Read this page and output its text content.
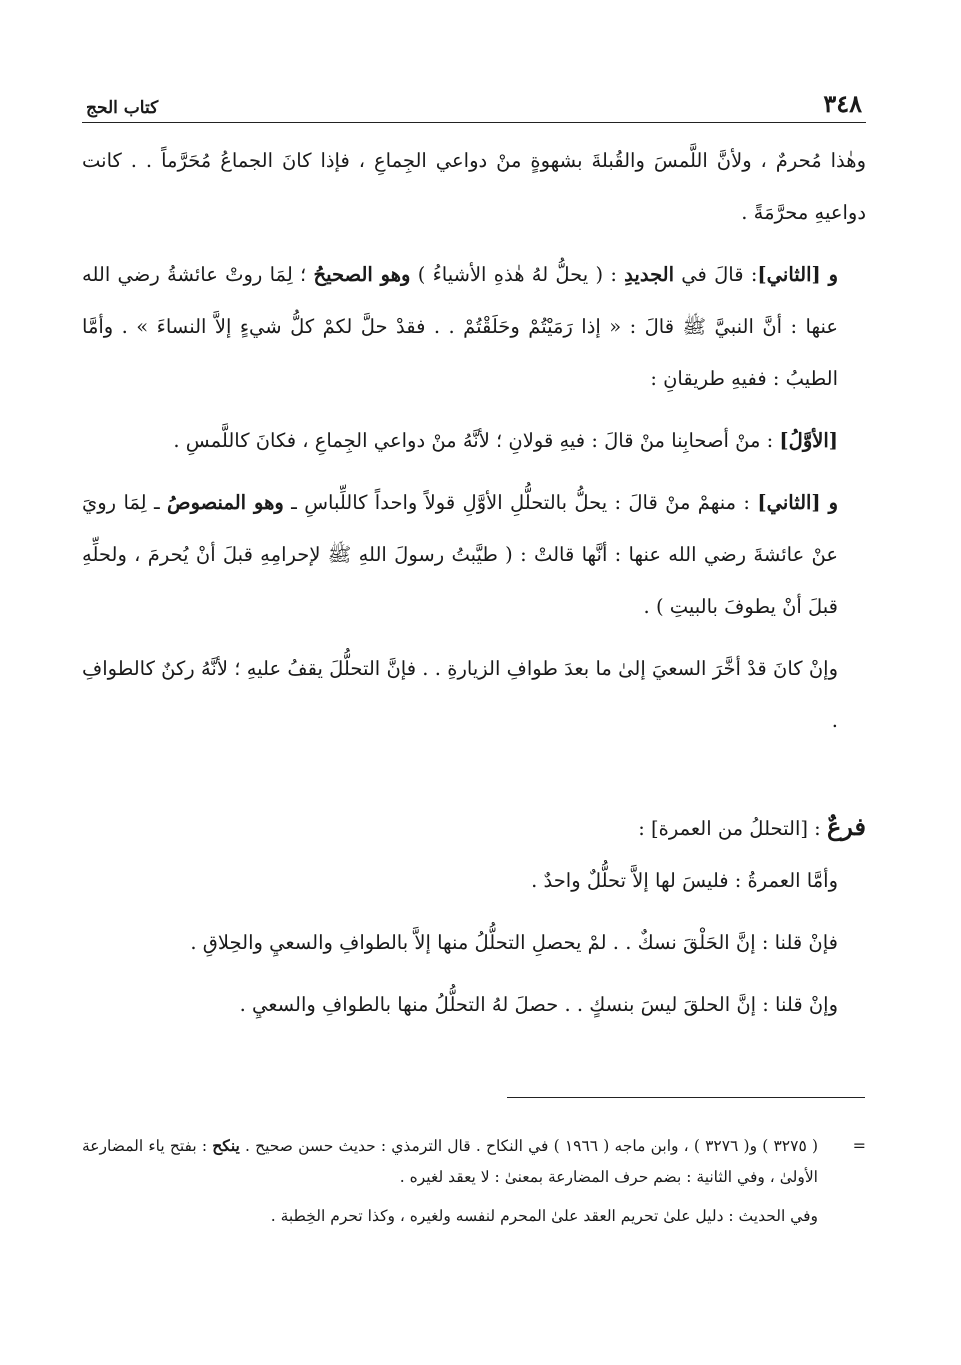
٣٤٨
كتاب الحج

وهٰذا مُحرمٌ ، ولأنَّ اللَّمسَ والقُبلةَ بشهوةٍ منْ دواعي الجِماعِ ، فإذا كانَ الجماعُ مُحَرَّماً . . كانت دواعيهِ محرَّمَةً .

و [الثاني]: قالَ في الجديدِ : ( يحلُّ لهُ هٰذهِ الأشياءُ ) وهو الصحيحُ ؛ لِمَا روتْ عائشةُ رضي الله عنها : أنَّ النبيَّ ﷺ قالَ : « إذا رَمَيْتُمْ وحَلَقْتُمْ . . فقدْ حلَّ لكمْ كلُّ شيءٍ إلاَّ النساءَ » . وأمَّا الطيبُ : ففيهِ طريقانِ :

[الأوَّلُ] : منْ أصحابِنا منْ قالَ : فيهِ قولانِ ؛ لأنَّهُ منْ دواعي الجِماعِ ، فكانَ كاللَّمسِ .

و [الثاني] : منهمْ منْ قالَ : يحلُّ بالتحلُّلِ الأوَّلِ قولاً واحداً كاللِّباسِ ـ وهو المنصوصُ ـ لِمَا رويَ عنْ عائشةَ رضي الله عنها : أنَّها قالتْ : ( طيَّبتُ رسولَ اللهِ ﷺ لإحرامِهِ قبلَ أنْ يُحرمَ ، ولحلِّهِ قبلَ أنْ يطوفَ بالبيتِ ) .

وإنْ كانَ قدْ أخَّرَ السعيَ إلىٰ ما بعدَ طوافِ الزيارةِ . . فإنَّ التحلُّلَ يقفُ عليهِ ؛ لأنَّهُ ركنٌ كالطوافِ .

فرعٌ : [التحللُ من العمرة] :

وأمَّا العمرةُ : فليسَ لها إلاَّ تحلُّلٌ واحدٌ .

فإنْ قلنا : إنَّ الحَلْقَ نسكٌ . . لمْ يحصلِ التحلُّلُ منها إلاَّ بالطوافِ والسعيِ والحِلاقِ .

وإنْ قلنا : إنَّ الحلقَ ليسَ بنسكٍ . . حصلَ لهُ التحلُّلُ منها بالطوافِ والسعيِ .

=
( ٣٢٧٥ ) و( ٣٢٧٦ ) ، وابن ماجه ( ١٩٦٦ ) في النكاح . قال الترمذي : حديث حسن صحيح . ينكح : بفتح ياء المضارعة الأولىٰ ، وفي الثانية : بضم حرف المضارعة بمعنىٰ : لا يعقد لغيره .
وفي الحديث : دليل علىٰ تحريم العقد علىٰ المحرم لنفسه ولغيره ، وكذا تحرم الخِطبة .
